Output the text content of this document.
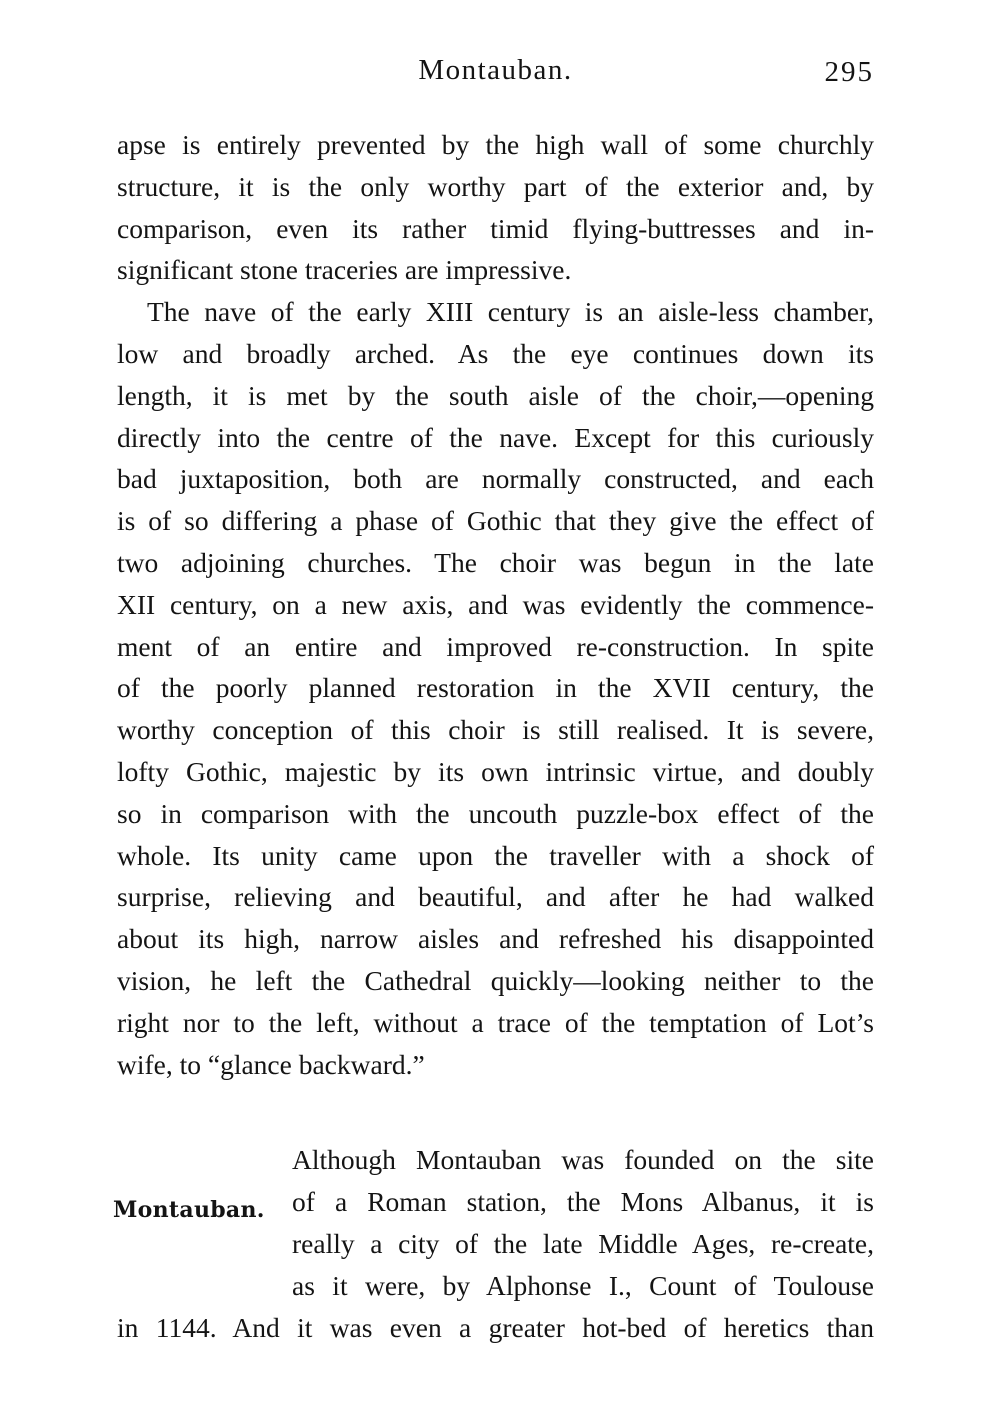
Montauban.	295
apse is entirely prevented by the high wall of some churchly
structure, it is the only worthy part of the exterior and, by
comparison, even its rather timid flying-buttresses and in-
significant stone traceries are impressive.
The nave of the early XIII century is an aisle-less chamber,
low and broadly arched. As the eye continues down its
length, it is met by the south aisle of the choir,—opening
directly into the centre of the nave. Except for this curiously
bad juxtaposition, both are normally constructed, and each
is of so differing a phase of Gothic that they give the effect of
two adjoining churches. The choir was begun in the late
XII century, on a new axis, and was evidently the commence-
ment of an entire and improved re-construction. In spite
of the poorly planned restoration in the XVII century, the
worthy conception of this choir is still realised. It is severe,
lofty Gothic, majestic by its own intrinsic virtue, and doubly
so in comparison with the uncouth puzzle-box effect of the
whole. Its unity came upon the traveller with a shock of
surprise, relieving and beautiful, and after he had walked
about its high, narrow aisles and refreshed his disappointed
vision, he left the Cathedral quickly—looking neither to the
right nor to the left, without a trace of the temptation of Lot’s
wife, to “glance backward.”
Montauban.
Although Montauban was founded on the site
of a Roman station, the Mons Albanus, it is
really a city of the late Middle Ages, re-create,
as it were, by Alphonse I., Count of Toulouse
in 1144. And it was even a greater hot-bed of heretics than
